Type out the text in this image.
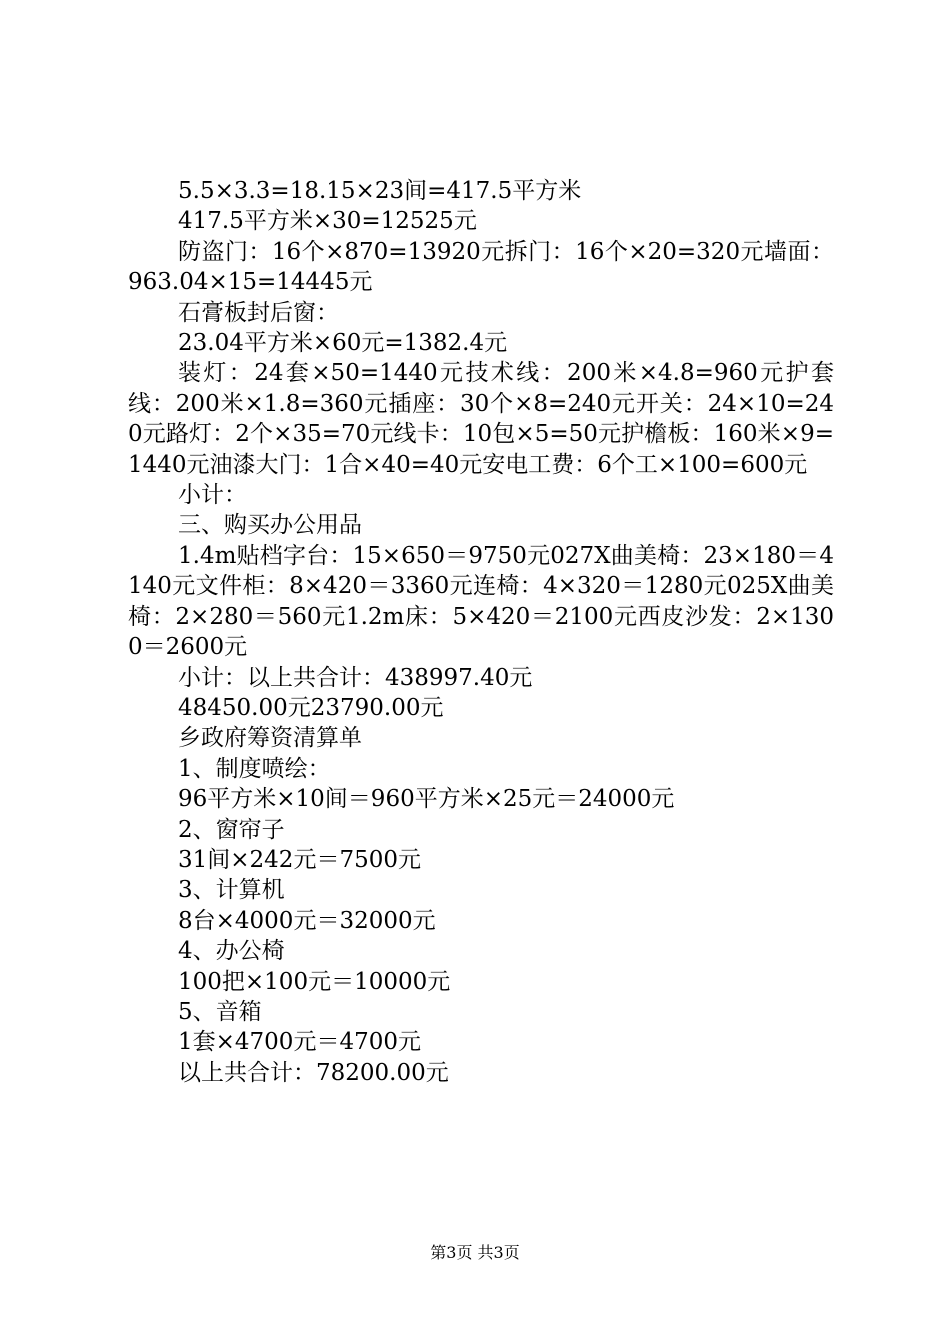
5.5×3.3=18.15×23间=417.5平方米

417.5平方米×30=12525元

防盗门：16个×870=13920元拆门：16个×20=320元墙面：963.04×15=14445元

石膏板封后窗：

23.04平方米×60元=1382.4元

装灯：24套×50=1440元技术线：200米×4.8=960元护套线：200米×1.8=360元插座：30个×8=240元开关：24×10=240元路灯：2个×35=70元线卡：10包×5=50元护檐板：160米×9=1440元油漆大门：1合×40=40元安电工费：6个工×100=600元

小计：

三、购买办公用品

1.4m贴档字台：15×650＝9750元027X曲美椅：23×180＝4140元文件柜：8×420＝3360元连椅：4×320＝1280元025X曲美椅：2×280＝560元1.2m床：5×420＝2100元西皮沙发：2×1300＝2600元

小计：以上共合计：438997.40元

48450.00元23790.00元

乡政府筹资清算单

1、制度喷绘：

96平方米×10间＝960平方米×25元＝24000元

2、窗帘子

31间×242元＝7500元

3、计算机

8台×4000元＝32000元

4、办公椅

100把×100元＝10000元

5、音箱

1套×4700元＝4700元

以上共合计：78200.00元

第3页 共3页
